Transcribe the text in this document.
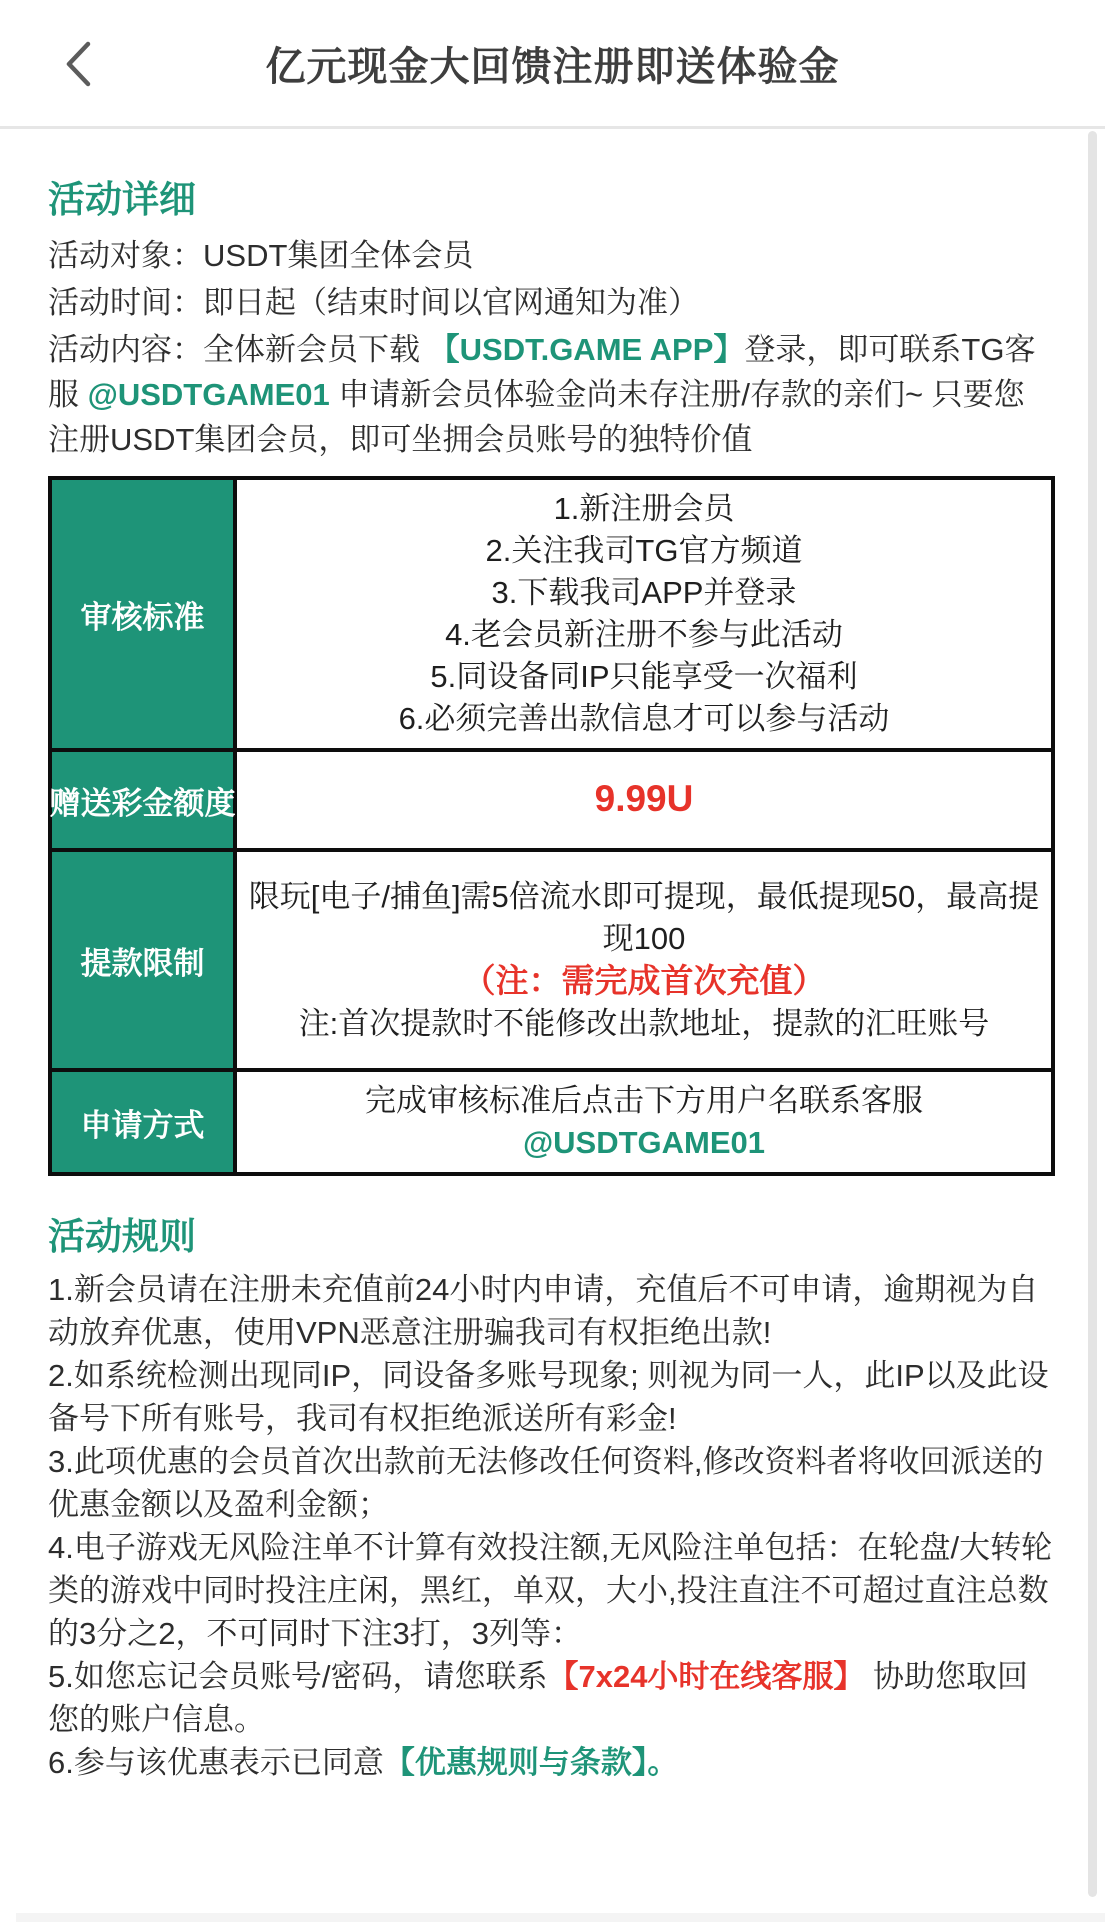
亿元现金大回馈注册即送体验金
活动详细

活动对象：USDT集团全体会员

活动时间：即日起（结束时间以官网通知为准）

活动内容：全体新会员下载 【USDT.GAME APP】登录，即可联系TG客服 @USDTGAME01 申请新会员体验金尚未存注册/存款的亲们~ 只要您注册USDT集团会员，即可坐拥会员账号的独特价值

审核标准
1.新注册会员
2.关注我司TG官方频道
3.下载我司APP并登录
4.老会员新注册不参与此活动
5.同设备同IP只能享受一次福利
6.必须完善出款信息才可以参与活动
赠送彩金额度	9.99U
提款限制
限玩[电子/捕鱼]需5倍流水即可提现，最低提现50，最高提现100
（注：需完成首次充值）
注:首次提款时不能修改出款地址，提款的汇旺账号
申请方式
完成审核标准后点击下方用户名联系客服 @USDTGAME01
活动规则

1.新会员请在注册未充值前24小时内申请，充值后不可申请，逾期视为自动放弃优惠，使用VPN恶意注册骗我司有权拒绝出款!

2.如系统检测出现同IP，同设备多账号现象; 则视为同一人，此IP以及此设备号下所有账号，我司有权拒绝派送所有彩金!

3.此项优惠的会员首次出款前无法修改任何资料,修改资料者将收回派送的优惠金额以及盈利金额；

4.电子游戏无风险注单不计算有效投注额,无风险注单包括：在轮盘/大转轮类的游戏中同时投注庄闲，黑红，单双，大小,投注直注不可超过直注总数的3分之2，不可同时下注3打，3列等：

5.如您忘记会员账号/密码，请您联系【7x24小时在线客服】 协助您取回您的账户信息。

6.参与该优惠表示已同意【优惠规则与条款】。
